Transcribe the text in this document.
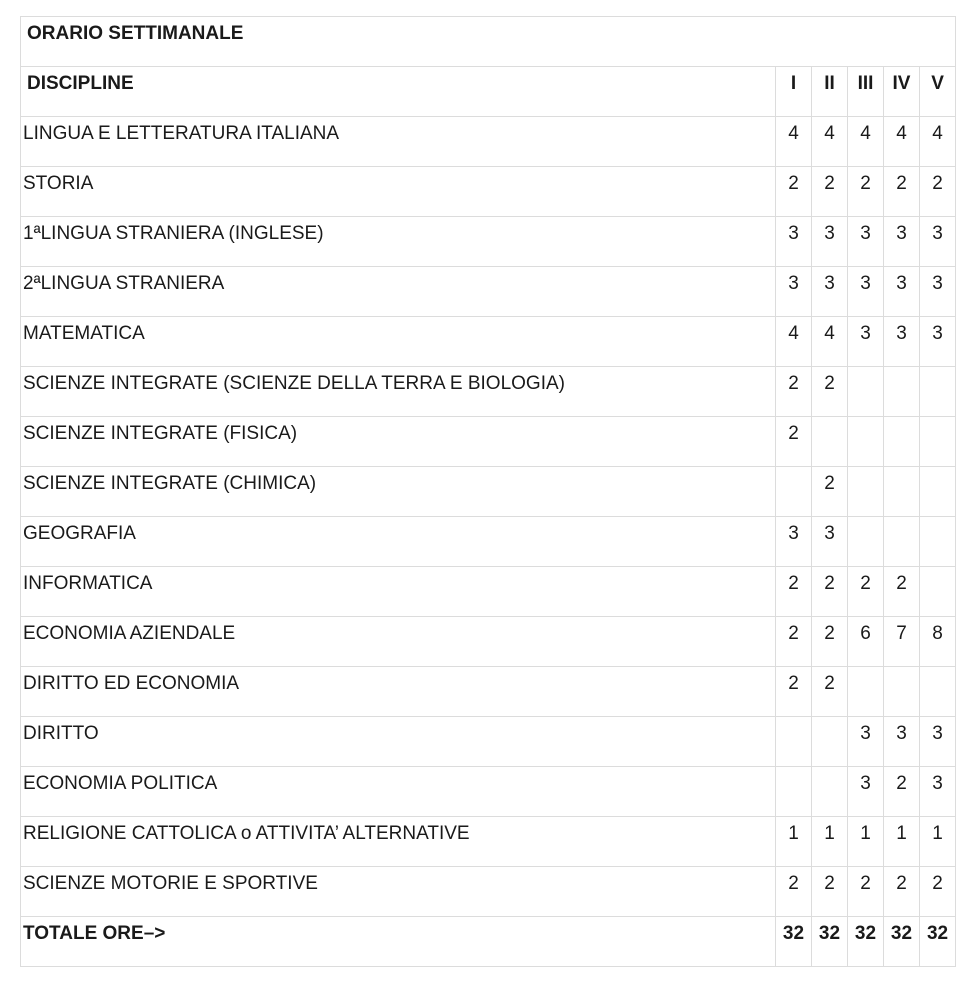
ORARIO SETTIMANALE					
DISCIPLINE	I	II	III	IV	V
LINGUA E LETTERATURA ITALIANA	4	4	4	4	4
STORIA	2	2	2	2	2
1ªLINGUA STRANIERA (INGLESE)	3	3	3	3	3
2ªLINGUA STRANIERA	3	3	3	3	3
MATEMATICA	4	4	3	3	3
SCIENZE INTEGRATE (SCIENZE DELLA TERRA E BIOLOGIA)	2	2			
SCIENZE INTEGRATE (FISICA)	2				
SCIENZE INTEGRATE (CHIMICA)		2			
GEOGRAFIA	3	3			
INFORMATICA	2	2	2	2	
ECONOMIA AZIENDALE	2	2	6	7	8
DIRITTO ED ECONOMIA	2	2			
DIRITTO			3	3	3
ECONOMIA POLITICA			3	2	3
RELIGIONE CATTOLICA o ATTIVITA’ ALTERNATIVE	1	1	1	1	1
SCIENZE MOTORIE E SPORTIVE	2	2	2	2	2
TOTALE ORE–>	32	32	32	32	32
